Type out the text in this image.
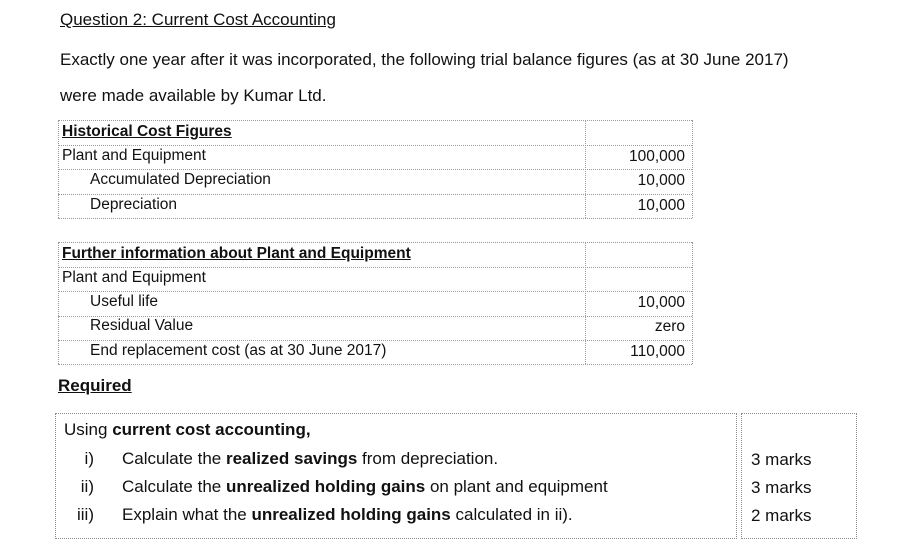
Question 2: Current Cost Accounting
Exactly one year after it was incorporated, the following trial balance figures (as at 30 June 2017)
were made available by Kumar Ltd.
Historical Cost Figures
Plant and Equipment	100,000
Accumulated Depreciation	10,000
Depreciation	10,000
Further information about Plant and Equipment
Plant and Equipment
Useful life	10,000
Residual Value	zero
End replacement cost (as at 30 June 2017)	110,000
Required
Using current cost accounting,
i) Calculate the realized savings from depreciation.	3 marks
ii) Calculate the unrealized holding gains on plant and equipment	3 marks
iii) Explain what the unrealized holding gains calculated in ii).	2 marks
